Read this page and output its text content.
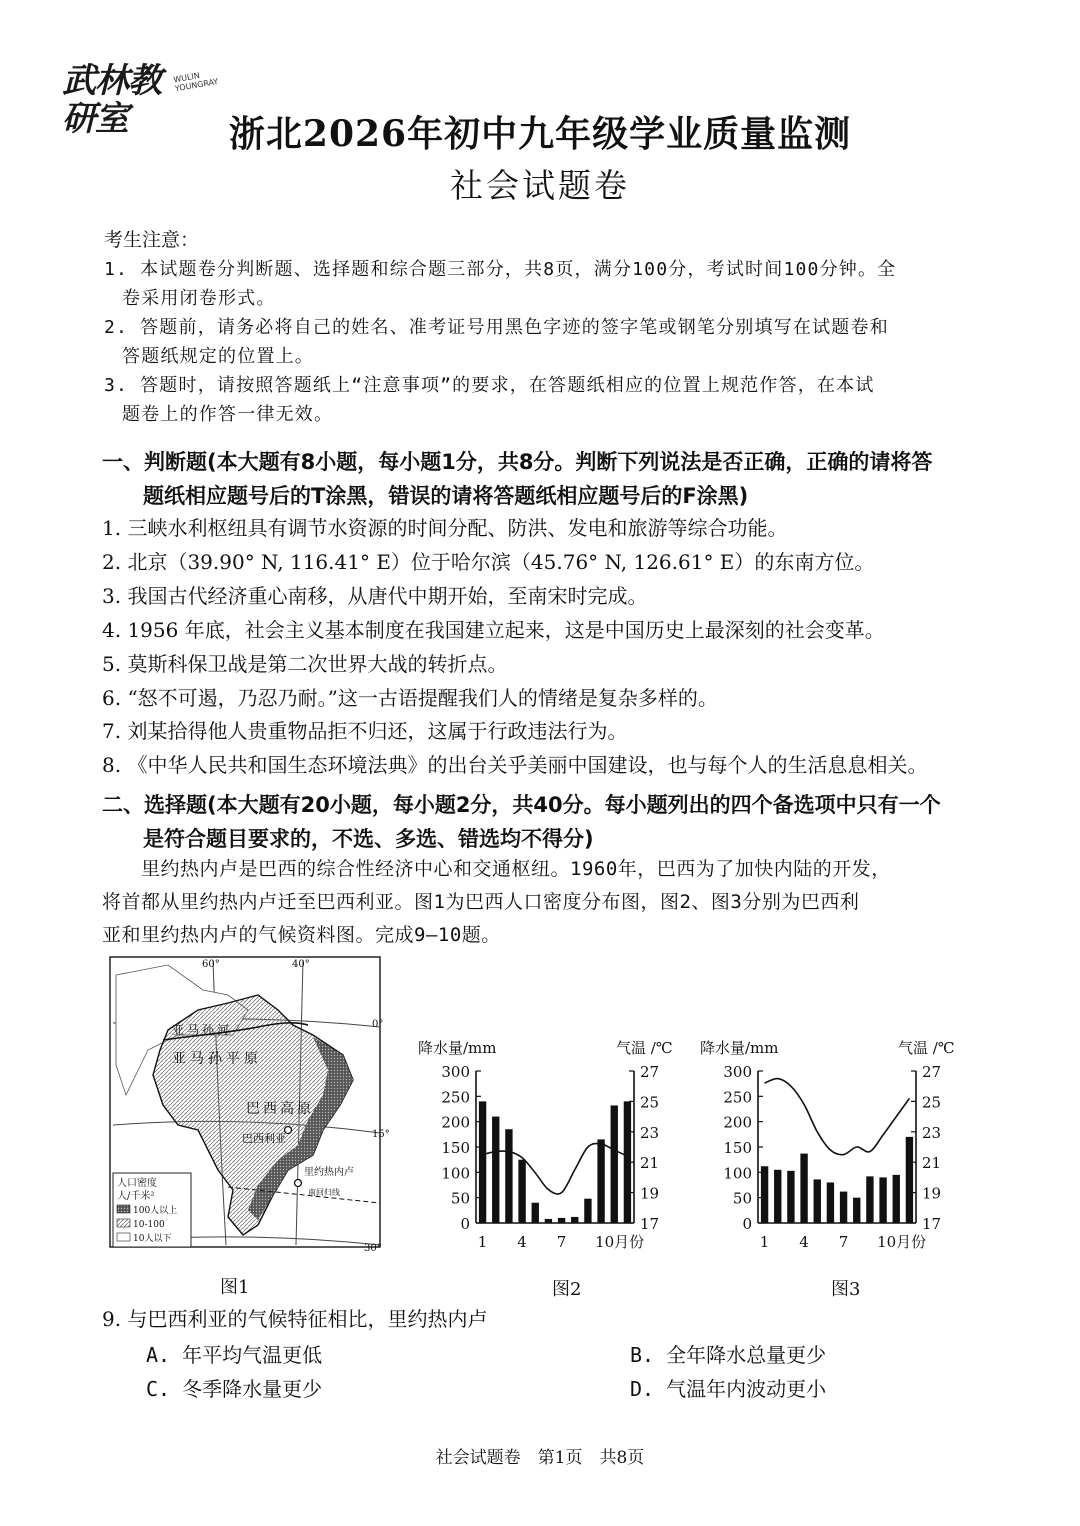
武林教研室
WULIN YOUNGRAY
浙北2026年初中九年级学业质量监测
社会试题卷
考生注意：
1. 本试题卷分判断题、选择题和综合题三部分，共8页，满分100分，考试时间100分钟。全
卷采用闭卷形式。
2. 答题前，请务必将自己的姓名、准考证号用黑色字迹的签字笔或钢笔分别填写在试题卷和
答题纸规定的位置上。
3. 答题时，请按照答题纸上“注意事项”的要求，在答题纸相应的位置上规范作答，在本试
题卷上的作答一律无效。
一、判断题(本大题有8小题，每小题1分，共8分。判断下列说法是否正确，正确的请将答
题纸相应题号后的T涂黑，错误的请将答题纸相应题号后的F涂黑)
1. 三峡水利枢纽具有调节水资源的时间分配、防洪、发电和旅游等综合功能。
2. 北京（39.90° N, 116.41° E）位于哈尔滨（45.76° N, 126.61° E）的东南方位。
3. 我国古代经济重心南移，从唐代中期开始，至南宋时完成。
4. 1956 年底，社会主义基本制度在我国建立起来，这是中国历史上最深刻的社会变革。
5. 莫斯科保卫战是第二次世界大战的转折点。
6. “怒不可遏，乃忍乃耐。”这一古语提醒我们人的情绪是复杂多样的。
7. 刘某拾得他人贵重物品拒不归还，这属于行政违法行为。
8. 《中华人民共和国生态环境法典》的出台关乎美丽中国建设，也与每个人的生活息息相关。
二、选择题(本大题有20小题，每小题2分，共40分。每小题列出的四个备选项中只有一个
是符合题目要求的，不选、多选、错选均不得分)
　　里约热内卢是巴西的综合性经济中心和交通枢纽。1960年，巴西为了加快内陆的开发，
将首都从里约热内卢迁至巴西利亚。图1为巴西人口密度分布图，图2、图3分别为巴西利
亚和里约热内卢的气候资料图。完成9—10题。
60°	40°
0°
15°
30°
亚马孙河
亚马孙平原
巴西高原
巴西利亚
里约热内卢
南回归线
人口密度
人/千米²
100人以上
10-100
10人以下
图1
降水量/mm	气温 /℃
0
50
100
150
200
250
300
17
19
21
23
25
27
1 4 7 10月份
图2
降水量/mm	气温 /℃
0
50
100
150
200
250
300
17
19
21
23
25
27
1 4 7 10月份
图3
9. 与巴西利亚的气候特征相比，里约热内卢
A. 年平均气温更低	B. 全年降水总量更少
C. 冬季降水量更少	D. 气温年内波动更小
社会试题卷　第1页　共8页
